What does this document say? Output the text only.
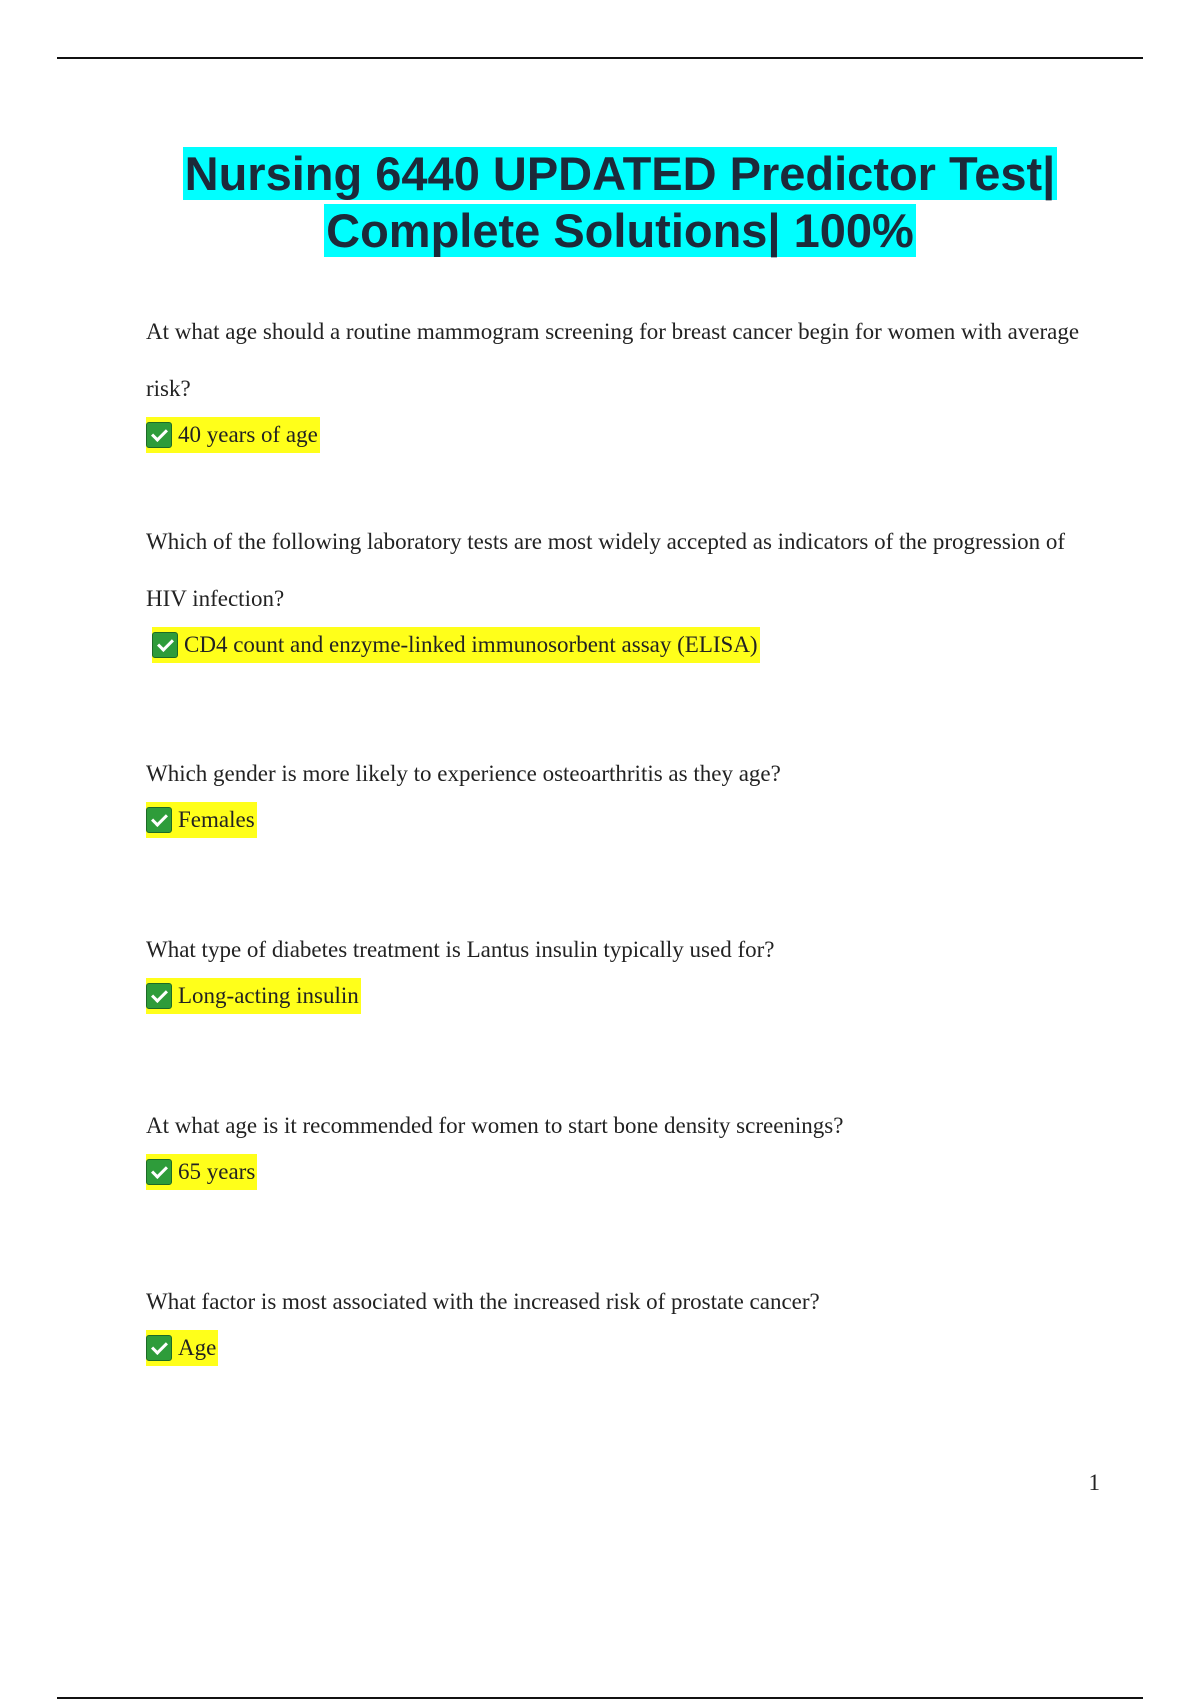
Nursing 6440 UPDATED Predictor Test|
Complete Solutions| 100%

At what age should a routine mammogram screening for breast cancer begin for women with average risk?

40 years of age

Which of the following laboratory tests are most widely accepted as indicators of the progression of HIV infection?

CD4 count and enzyme-linked immunosorbent assay (ELISA)

Which gender is more likely to experience osteoarthritis as they age?

Females

What type of diabetes treatment is Lantus insulin typically used for?

Long-acting insulin

At what age is it recommended for women to start bone density screenings?

65 years

What factor is most associated with the increased risk of prostate cancer?

Age

1
